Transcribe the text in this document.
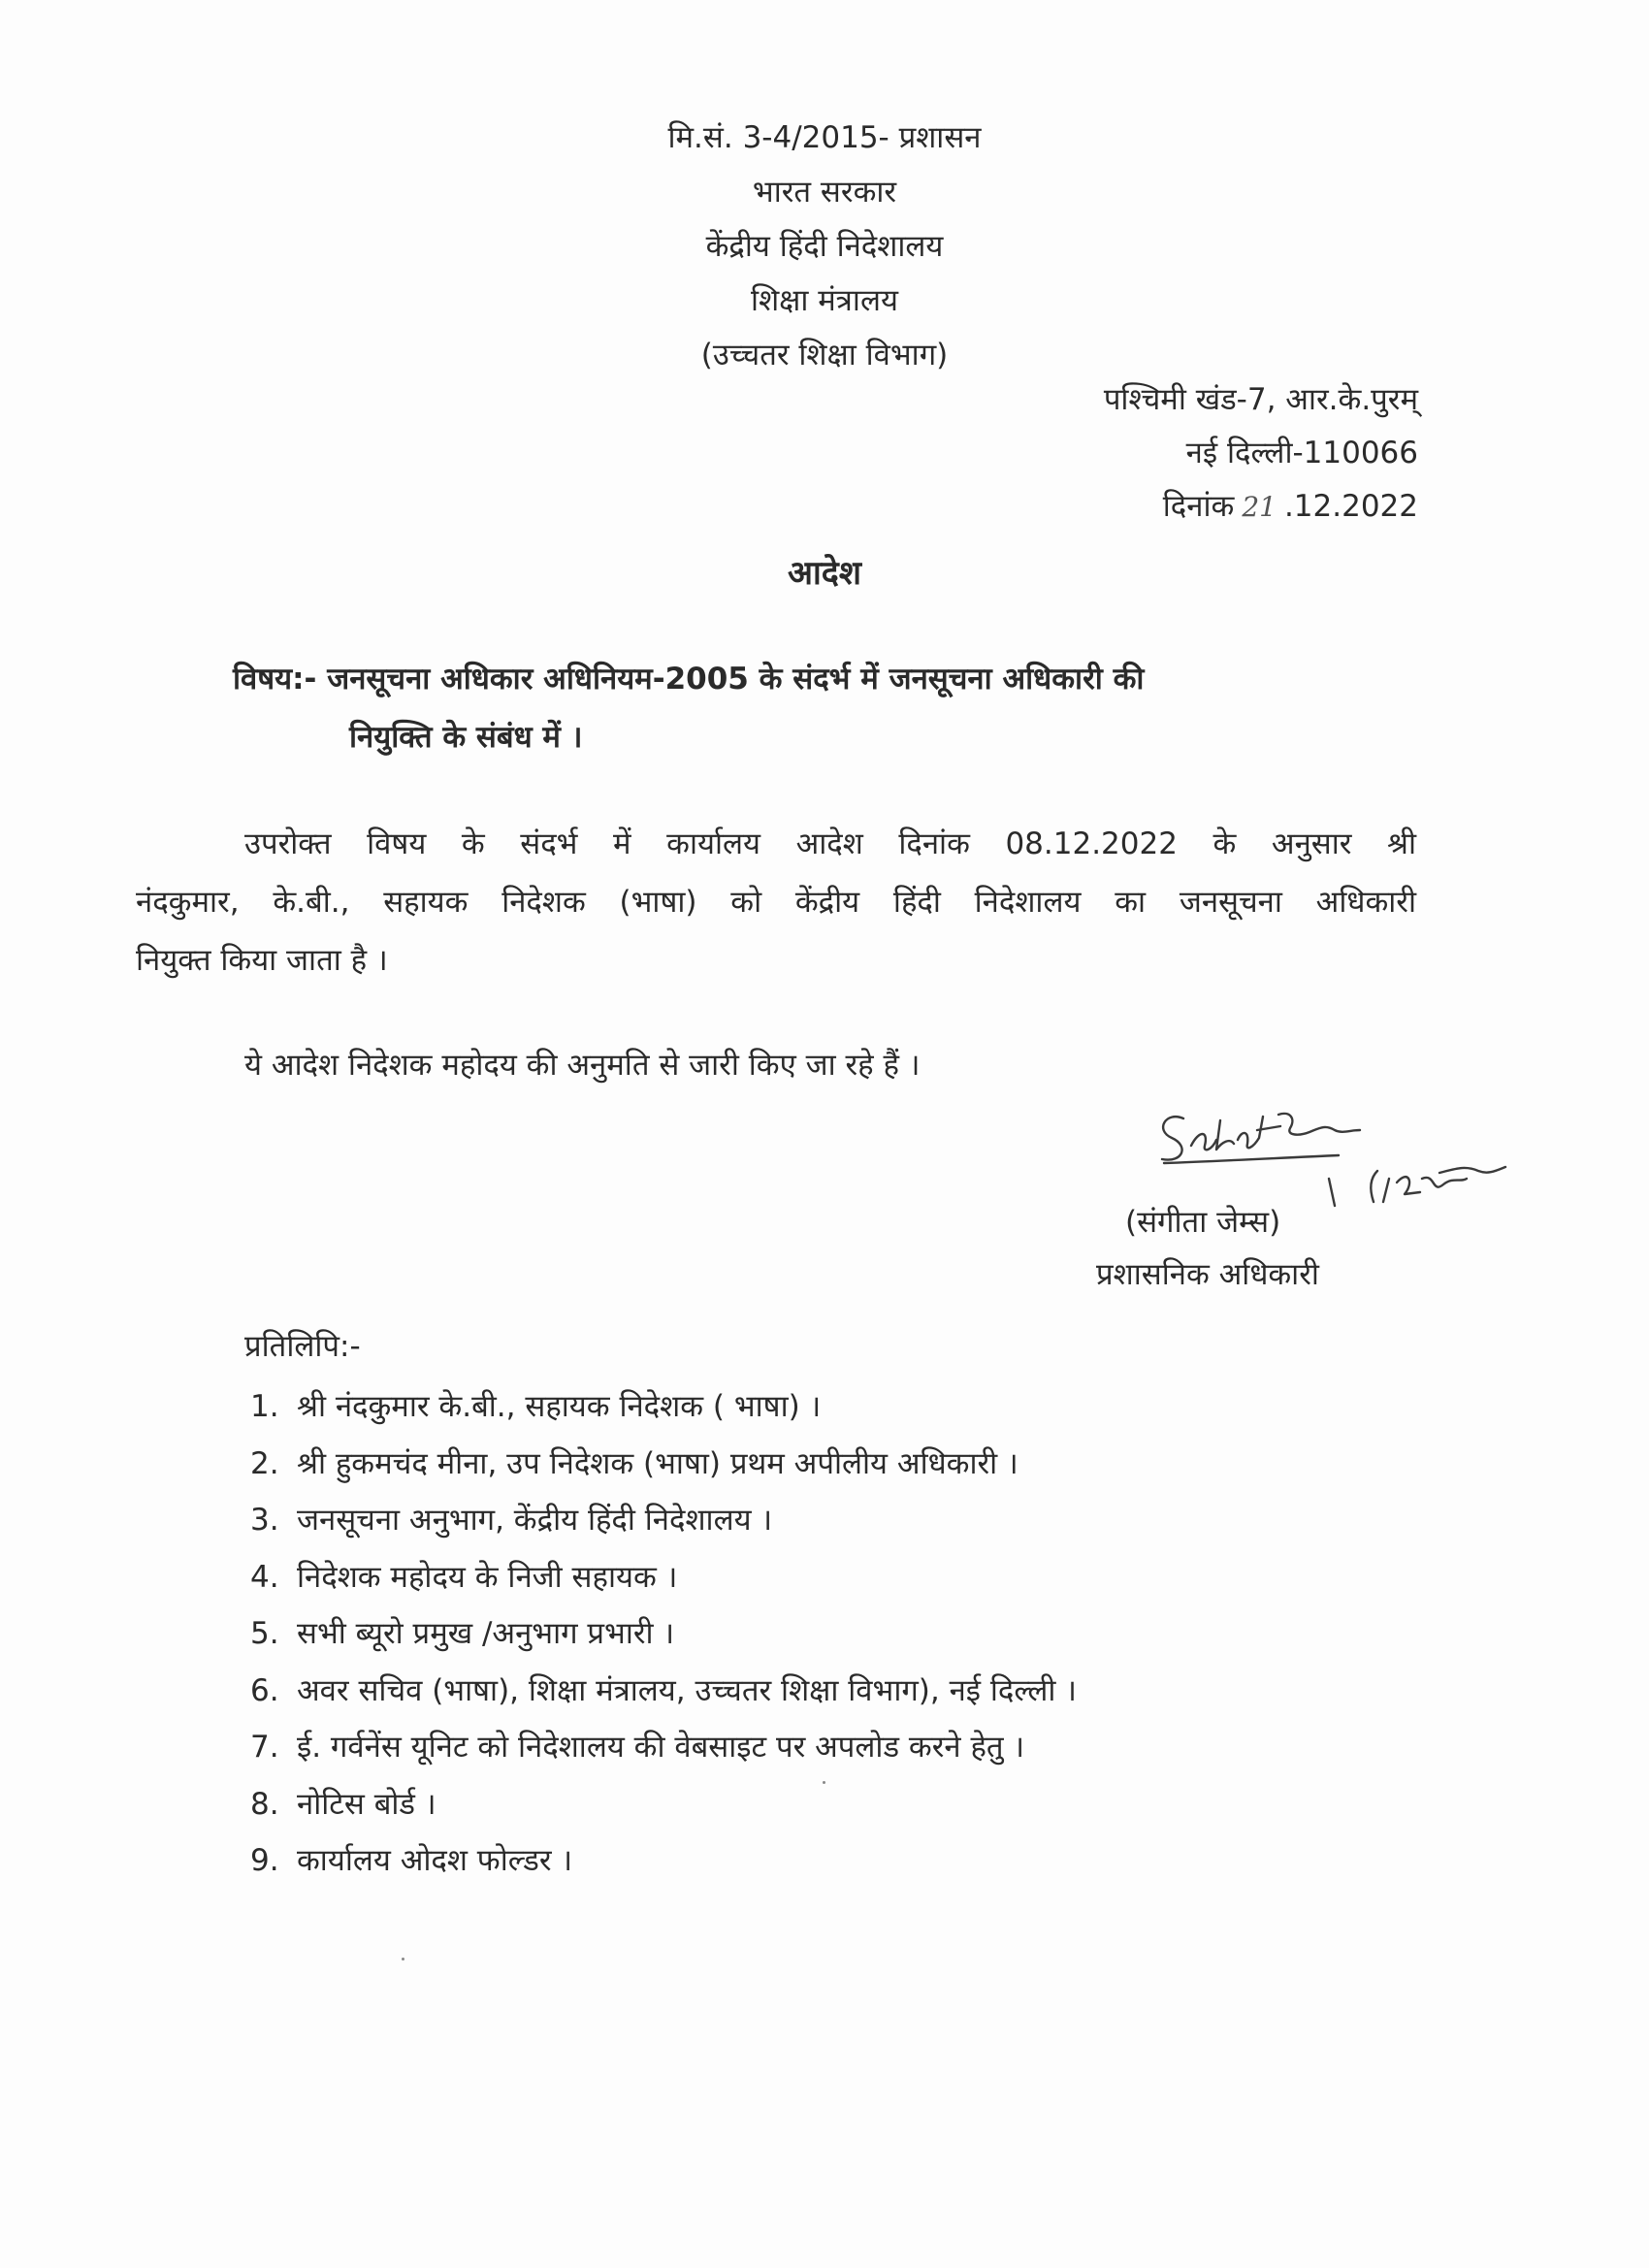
मि.सं. 3-4/2015- प्रशासन
भारत सरकार
केंद्रीय हिंदी निदेशालय
शिक्षा मंत्रालय
(उच्चतर शिक्षा विभाग)
पश्चिमी खंड-7, आर.के.पुरम्
नई दिल्ली-110066
दिनांक 21 .12.2022
आदेश
विषय:- जनसूचना अधिकार अधिनियम-2005 के संदर्भ में जनसूचना अधिकारी की
नियुक्ति के संबंध में ।
उपरोक्त विषय के संदर्भ में कार्यालय आदेश दिनांक 08.12.2022 के अनुसार श्री
नंदकुमार, के.बी., सहायक निदेशक (भाषा) को केंद्रीय हिंदी निदेशालय का जनसूचना अधिकारी
नियुक्त किया जाता है ।
ये आदेश निदेशक महोदय की अनुमति से जारी किए जा रहे हैं ।
(संगीता जेम्स)
प्रशासनिक अधिकारी
प्रतिलिपि:-
1. श्री नंदकुमार के.बी., सहायक निदेशक ( भाषा) ।
2. श्री हुकमचंद मीना, उप निदेशक (भाषा) प्रथम अपीलीय अधिकारी ।
3. जनसूचना अनुभाग, केंद्रीय हिंदी निदेशालय ।
4. निदेशक महोदय के निजी सहायक ।
5. सभी ब्यूरो प्रमुख /अनुभाग प्रभारी ।
6. अवर सचिव (भाषा), शिक्षा मंत्रालय, उच्चतर शिक्षा विभाग), नई दिल्ली ।
7. ई. गर्वनेंस यूनिट को निदेशालय की वेबसाइट पर अपलोड करने हेतु ।
8. नोटिस बोर्ड ।
9. कार्यालय ओदश फोल्डर ।
